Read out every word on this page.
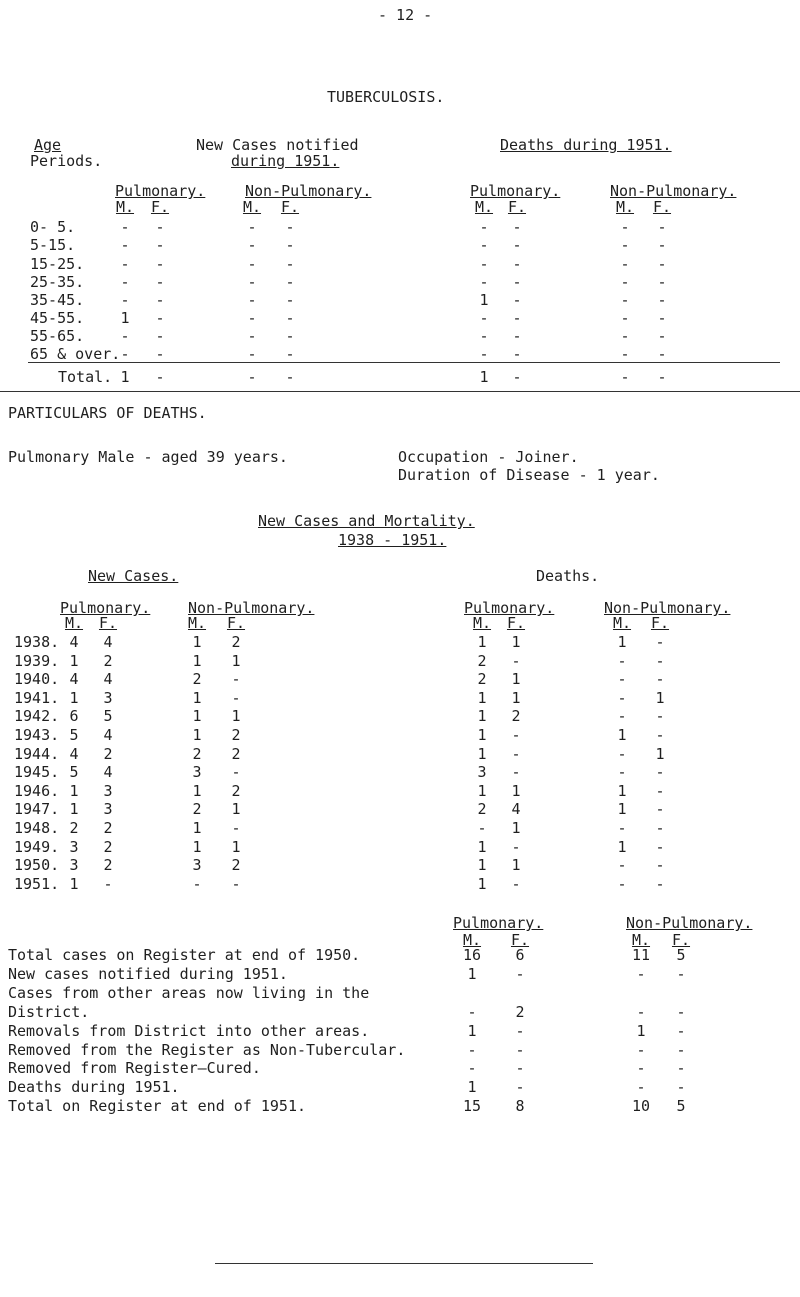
- 12 -
TUBERCULOSIS.
Age
Periods.
New Cases notified
during 1951.
Deaths during 1951.
Pulmonary.	Non-Pulmonary.	Pulmonary.	Non-Pulmonary.
M.	F.	M.	F.	M. F.	M.	F.
0- 5.	-	-	-	-	-	-	-	-
5-15.	-	-	-	-	-	-	-	-
15-25.	-	-	-	-	-	-	-	-
25-35.	-	-	-	-	-	-	-	-
35-45.	-	-	-	-	1	-	-	-
45-55.	1	-	-	-	-	-	-	-
55-65.	-	-	-	-	-	-	-	-
65 & over. -	-	-	-	-	-	-	-
Total. 1	-	-	-	1	-	-	-
PARTICULARS OF DEATHS.
Pulmonary Male - aged 39 years.	Occupation - Joiner.
Duration of Disease - 1 year.
New Cases and Mortality.
1938 - 1951.
New Cases.	Deaths.
Pulmonary.	Non-Pulmonary.	Pulmonary.	Non-Pulmonary.
M.	F.	M.	F.	M.	F.	M.	F.
1938. 4	4	1	2	1	1	1	-
1939. 1	2	1	1	2	-	-	-
1940. 4	4	2	-	2	1	-	-
1941. 1	3	1	-	1	1	-	1
1942. 6	5	1	1	1	2	-	-
1943. 5	4	1	2	1	-	1	-
1944. 4	2	2	2	1	-	-	1
1945. 5	4	3	-	3	-	-	-
1946. 1	3	1	2	1	1	1	-
1947. 1	3	2	1	2	4	1	-
1948. 2	2	1	-	-	1	-	-
1949. 3	2	1	1	1	-	1	-
1950. 3	2	3	2	1	1	-	-
1951. 1	-	-	-	1	-	-	-
Pulmonary.	Non-Pulmonary.
M.	F.	M.	F.
Total cases on Register at end of 1950.	16	6	11	5
New cases notified during 1951.	1	-	-	-
Cases from other areas now living in the
District.	-	2	-	-
Removals from District into other areas.	1	-	1	-
Removed from the Register as Non-Tubercular.	-	-	-	-
Removed from Register—Cured.	-	-	-	-
Deaths during 1951.	1	-	-	-
Total on Register at end of 1951.	15	8	10	5
